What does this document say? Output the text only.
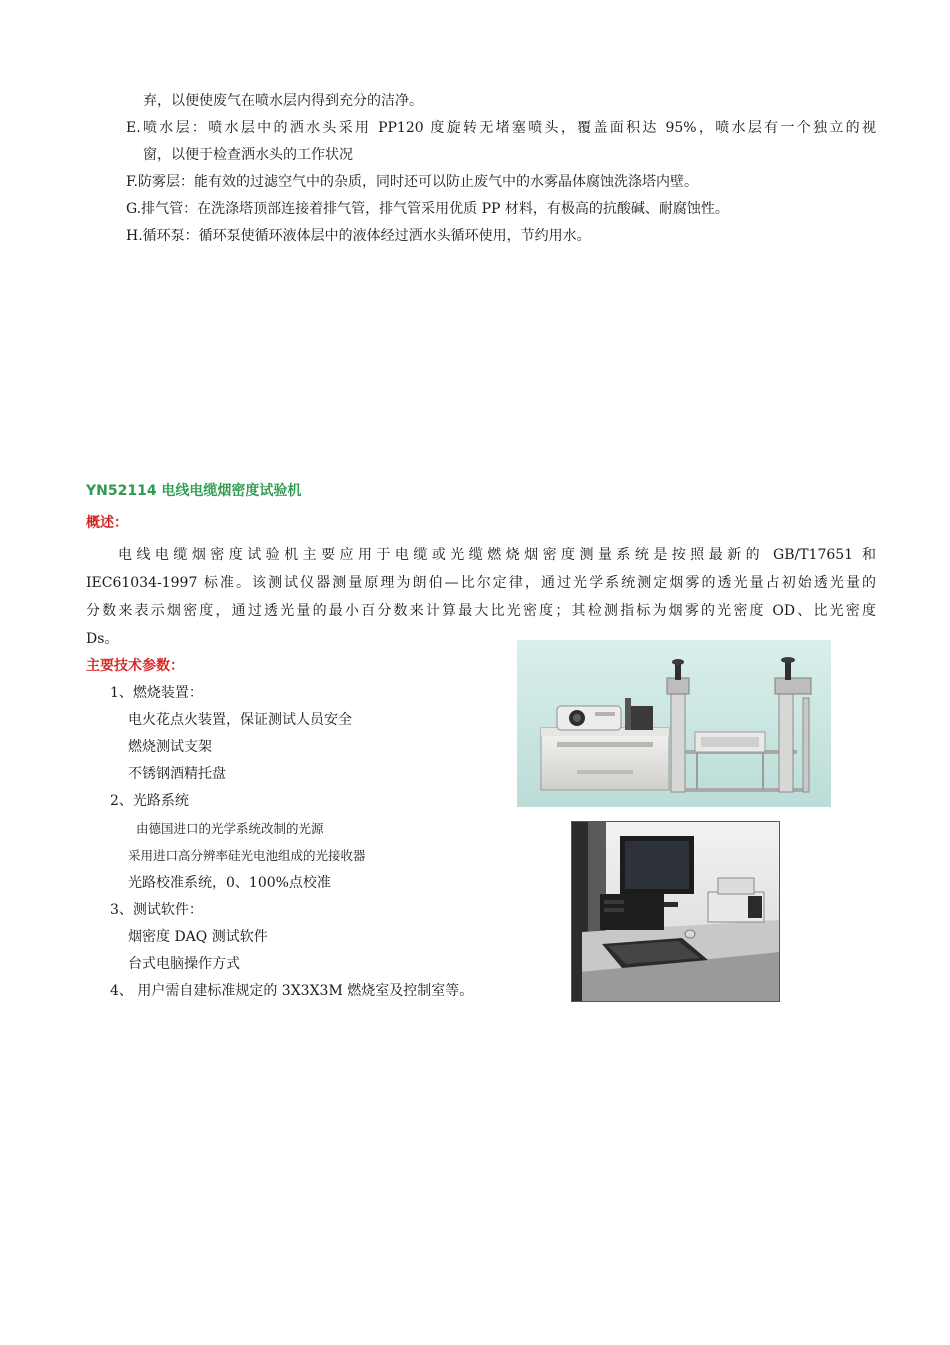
弃，以便使废气在喷水层内得到充分的洁净。
E.喷水层：喷水层中的洒水头采用 PP120 度旋转无堵塞喷头，覆盖面积达 95%，喷水层有一个独立的视
窗，以便于检查洒水头的工作状况
F.防雾层：能有效的过滤空气中的杂质，同时还可以防止废气中的水雾晶体腐蚀洗涤塔内壁。
G.排气管：在洗涤塔顶部连接着排气管，排气管采用优质 PP 材料，有极高的抗酸碱、耐腐蚀性。
H.循环泵：循环泵使循环液体层中的液体经过洒水头循环使用，节约用水。
YN52114 电线电缆烟密度试验机
概述：
电线电缆烟密度试验机主要应用于电缆或光缆燃烧烟密度测量系统是按照最新的 GB/T17651 和
IEC61034-1997 标准。该测试仪器测量原理为朗伯—比尔定律，通过光学系统测定烟雾的透光量占初始透光量的
分数来表示烟密度，通过透光量的最小百分数来计算最大比光密度；其检测指标为烟雾的光密度 OD、比光密度
Ds。
主要技术参数：
1、燃烧装置：
电火花点火装置，保证测试人员安全
燃烧测试支架
不锈钢酒精托盘
2、光路系统
由德国进口的光学系统改制的光源
采用进口高分辨率硅光电池组成的光接收器
光路校准系统，0、100%点校准
3、测试软件：
烟密度 DAQ 测试软件
台式电脑操作方式
4、 用户需自建标准规定的 3X3X3M 燃烧室及控制室等。
